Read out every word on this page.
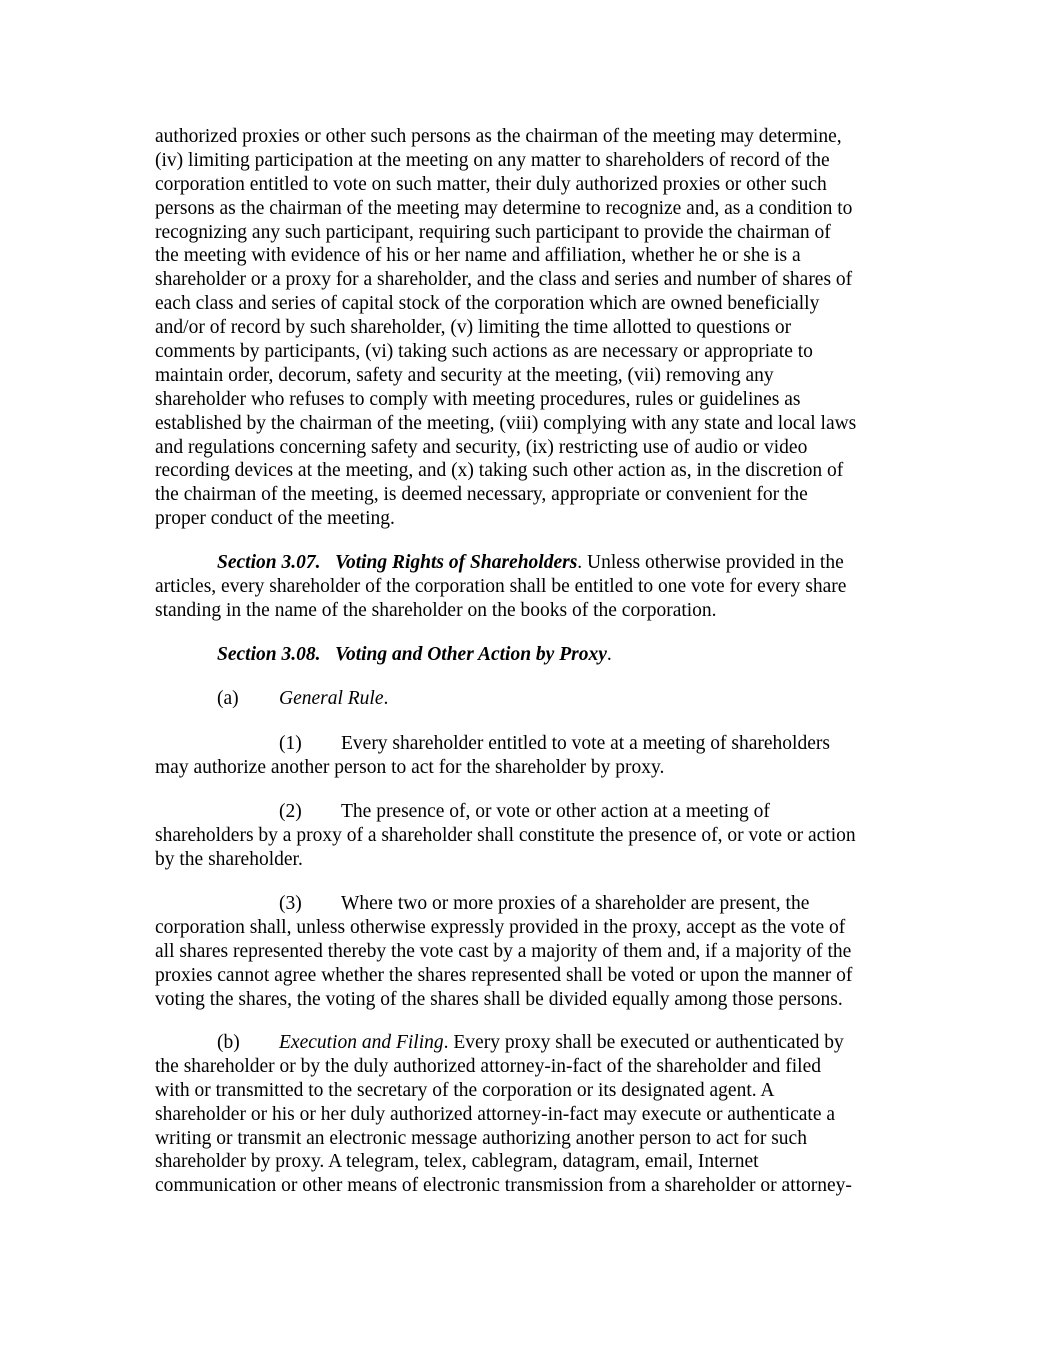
authorized proxies or other such persons as the chairman of the meeting may determine,
(iv) limiting participation at the meeting on any matter to shareholders of record of the
corporation entitled to vote on such matter, their duly authorized proxies or other such
persons as the chairman of the meeting may determine to recognize and, as a condition to
recognizing any such participant, requiring such participant to provide the chairman of
the meeting with evidence of his or her name and affiliation, whether he or she is a
shareholder or a proxy for a shareholder, and the class and series and number of shares of
each class and series of capital stock of the corporation which are owned beneficially
and/or of record by such shareholder, (v) limiting the time allotted to questions or
comments by participants, (vi) taking such actions as are necessary or appropriate to
maintain order, decorum, safety and security at the meeting, (vii) removing any
shareholder who refuses to comply with meeting procedures, rules or guidelines as
established by the chairman of the meeting, (viii) complying with any state and local laws
and regulations concerning safety and security, (ix) restricting use of audio or video
recording devices at the meeting, and (x) taking such other action as, in the discretion of
the chairman of the meeting, is deemed necessary, appropriate or convenient for the
proper conduct of the meeting.
Section 3.07. Voting Rights of Shareholders. Unless otherwise provided in the
articles, every shareholder of the corporation shall be entitled to one vote for every share
standing in the name of the shareholder on the books of the corporation.
Section 3.08. Voting and Other Action by Proxy.
(a) General Rule.
(1) Every shareholder entitled to vote at a meeting of shareholders
may authorize another person to act for the shareholder by proxy.
(2) The presence of, or vote or other action at a meeting of
shareholders by a proxy of a shareholder shall constitute the presence of, or vote or action
by the shareholder.
(3) Where two or more proxies of a shareholder are present, the
corporation shall, unless otherwise expressly provided in the proxy, accept as the vote of
all shares represented thereby the vote cast by a majority of them and, if a majority of the
proxies cannot agree whether the shares represented shall be voted or upon the manner of
voting the shares, the voting of the shares shall be divided equally among those persons.
(b) Execution and Filing. Every proxy shall be executed or authenticated by
the shareholder or by the duly authorized attorney-in-fact of the shareholder and filed
with or transmitted to the secretary of the corporation or its designated agent. A
shareholder or his or her duly authorized attorney-in-fact may execute or authenticate a
writing or transmit an electronic message authorizing another person to act for such
shareholder by proxy. A telegram, telex, cablegram, datagram, email, Internet
communication or other means of electronic transmission from a shareholder or attorney-
